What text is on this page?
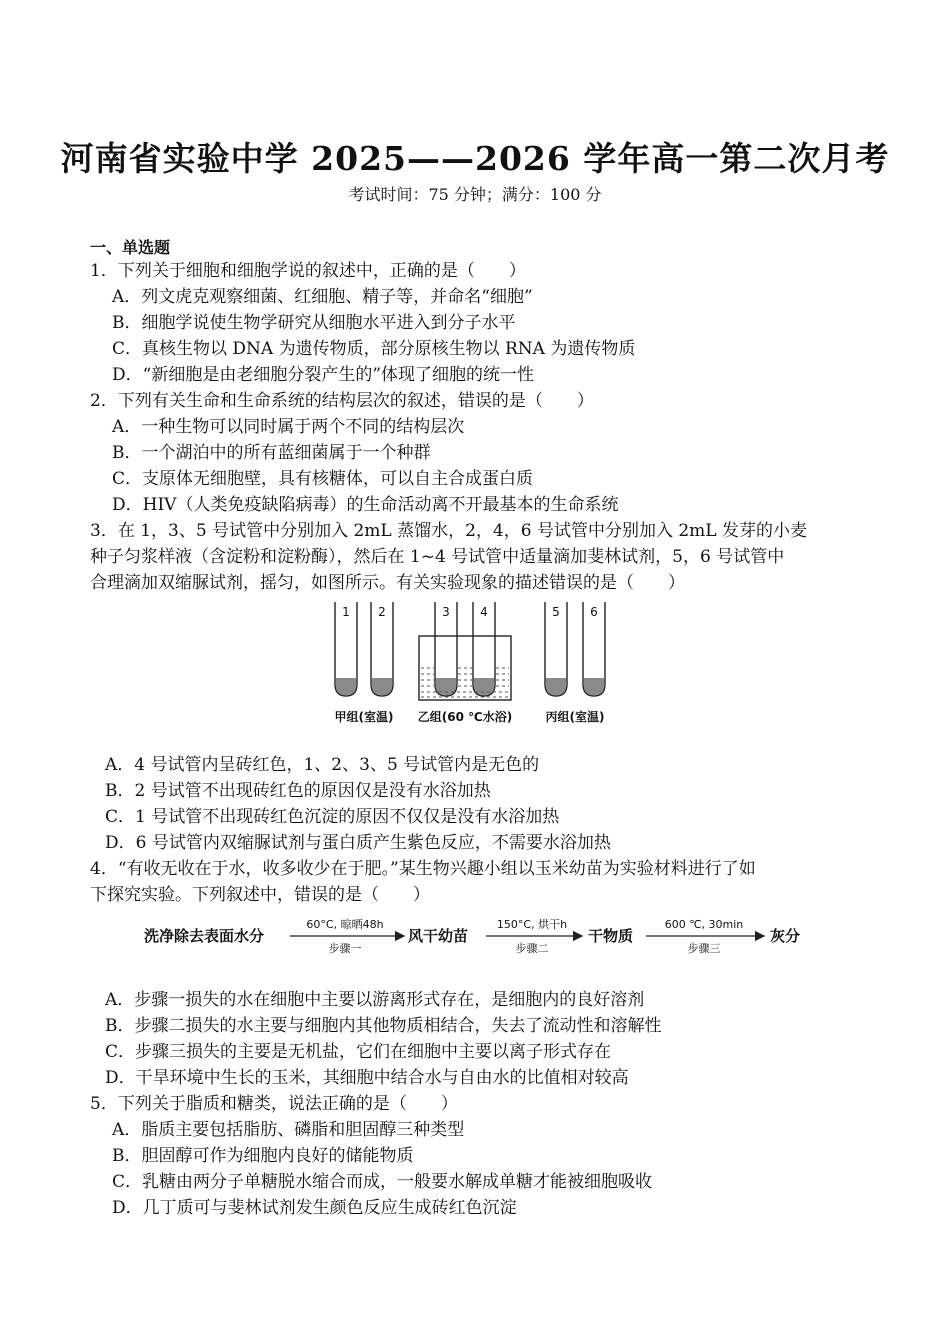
河南省实验中学 2025——2026 学年高一第二次月考
考试时间：75 分钟；满分：100 分
一、单选题
1．下列关于细胞和细胞学说的叙述中，正确的是（　　）
A．列文虎克观察细菌、红细胞、精子等，并命名“细胞”
B．细胞学说使生物学研究从细胞水平进入到分子水平
C．真核生物以 DNA 为遗传物质，部分原核生物以 RNA 为遗传物质
D．“新细胞是由老细胞分裂产生的”体现了细胞的统一性
2．下列有关生命和生命系统的结构层次的叙述，错误的是（　　）
A．一种生物可以同时属于两个不同的结构层次
B．一个湖泊中的所有蓝细菌属于一个种群
C．支原体无细胞壁，具有核糖体，可以自主合成蛋白质
D．HIV（人类免疫缺陷病毒）的生命活动离不开最基本的生命系统
3．在 1，3、5 号试管中分别加入 2mL 蒸馏水，2，4，6 号试管中分别加入 2mL 发芽的小麦
种子匀浆样液（含淀粉和淀粉酶），然后在 1~4 号试管中适量滴加斐林试剂，5，6 号试管中
合理滴加双缩脲试剂，摇匀，如图所示。有关实验现象的描述错误的是（　　）
1 2	3	4	5	6
甲组(室温) 乙组(60 ℃水浴)	丙组(室温)
A．4 号试管内呈砖红色，1、2、3、5 号试管内是无色的
B．2 号试管不出现砖红色的原因仅是没有水浴加热
C．1 号试管不出现砖红色沉淀的原因不仅仅是没有水浴加热
D．6 号试管内双缩脲试剂与蛋白质产生紫色反应，不需要水浴加热
4．“有收无收在于水，收多收少在于肥。”某生物兴趣小组以玉米幼苗为实验材料进行了如
下探究实验。下列叙述中，错误的是（　　）
洗净除去表面水分	风干幼苗	干物质	灰分
60°C, 晾晒48h
步骤一
150°C, 烘干h
步骤二
600 ℃, 30min
步骤三
A．步骤一损失的水在细胞中主要以游离形式存在，是细胞内的良好溶剂
B．步骤二损失的水主要与细胞内其他物质相结合，失去了流动性和溶解性
C．步骤三损失的主要是无机盐，它们在细胞中主要以离子形式存在
D．干旱环境中生长的玉米，其细胞中结合水与自由水的比值相对较高
5．下列关于脂质和糖类，说法正确的是（　　）
A．脂质主要包括脂肪、磷脂和胆固醇三种类型
B．胆固醇可作为细胞内良好的储能物质
C．乳糖由两分子单糖脱水缩合而成，一般要水解成单糖才能被细胞吸收
D．几丁质可与斐林试剂发生颜色反应生成砖红色沉淀
